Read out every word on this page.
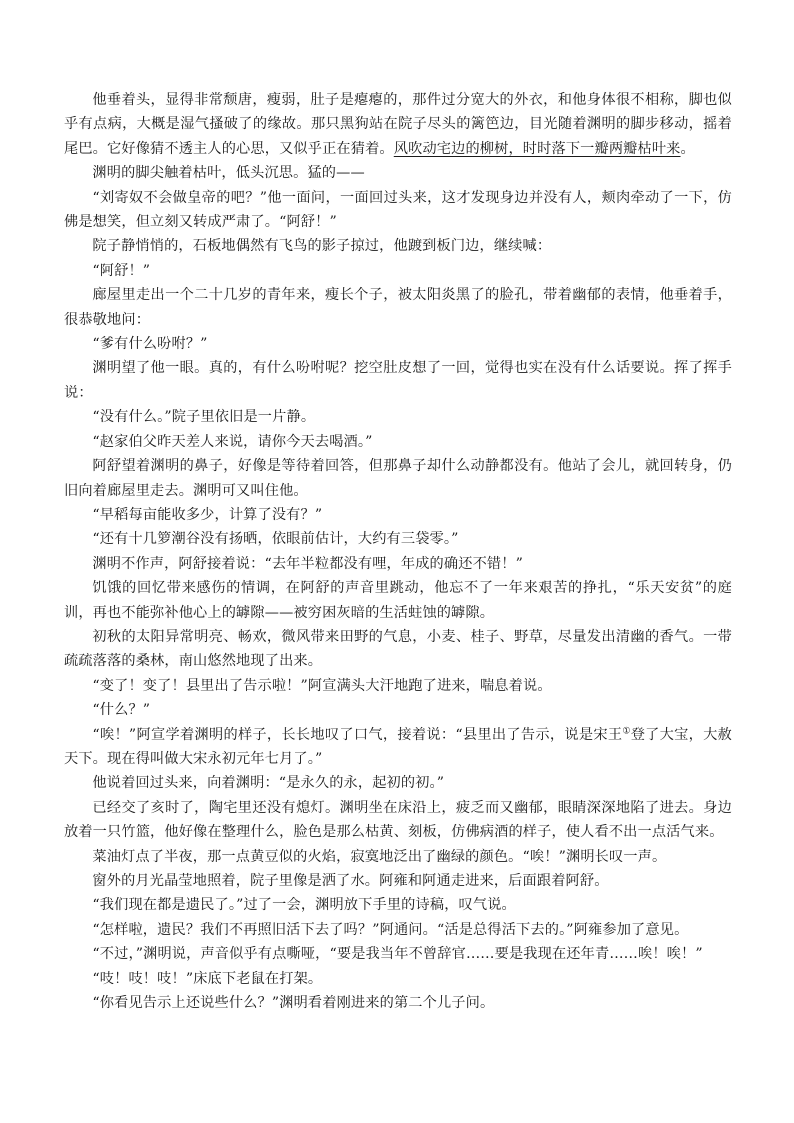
他垂着头，显得非常颓唐，瘦弱，肚子是瘪瘪的，那件过分宽大的外衣，和他身体很不相称，脚也似乎有点病，大概是湿气搔破了的缘故。那只黑狗站在院子尽头的篱笆边，目光随着渊明的脚步移动，摇着尾巴。它好像猜不透主人的心思，又似乎正在猜着。风吹动宅边的柳树，时时落下一瓣两瓣枯叶来。

渊明的脚尖触着枯叶，低头沉思。猛的——

“刘寄奴不会做皇帝的吧？”他一面问，一面回过头来，这才发现身边并没有人，颊肉牵动了一下，仿佛是想笑，但立刻又转成严肃了。“阿舒！”

院子静悄悄的，石板地偶然有飞鸟的影子掠过，他踱到板门边，继续喊：

“阿舒！”

廊屋里走出一个二十几岁的青年来，瘦长个子，被太阳炎黑了的脸孔，带着幽郁的表情，他垂着手，很恭敬地问：

“爹有什么吩咐？”

渊明望了他一眼。真的，有什么吩咐呢？挖空肚皮想了一回，觉得也实在没有什么话要说。挥了挥手说：

“没有什么。”院子里依旧是一片静。

“赵家伯父昨天差人来说，请你今天去喝酒。”

阿舒望着渊明的鼻子，好像是等待着回答，但那鼻子却什么动静都没有。他站了会儿，就回转身，仍旧向着廊屋里走去。渊明可又叫住他。

“早稻每亩能收多少，计算了没有？”

“还有十几箩潮谷没有扬晒，依眼前估计，大约有三袋零。”

渊明不作声，阿舒接着说：“去年半粒都没有哩，年成的确还不错！”

饥饿的回忆带来感伤的情调，在阿舒的声音里跳动，他忘不了一年来艰苦的挣扎，“乐天安贫”的庭训，再也不能弥补他心上的罅隙——被穷困灰暗的生活蛀蚀的罅隙。

初秋的太阳异常明亮、畅欢，微风带来田野的气息，小麦、桂子、野草，尽量发出清幽的香气。一带疏疏落落的桑林，南山悠然地现了出来。

“变了！变了！县里出了告示啦！”阿宣满头大汗地跑了进来，喘息着说。

“什么？”

“唉！”阿宣学着渊明的样子，长长地叹了口气，接着说：“县里出了告示，说是宋王①登了大宝，大赦天下。现在得叫做大宋永初元年七月了。”

他说着回过头来，向着渊明：“是永久的永，起初的初。”

已经交了亥时了，陶宅里还没有熄灯。渊明坐在床沿上，疲乏而又幽郁，眼睛深深地陷了进去。身边放着一只竹篮，他好像在整理什么，脸色是那么枯黄、刻板，仿佛病酒的样子，使人看不出一点活气来。

菜油灯点了半夜，那一点黄豆似的火焰，寂寞地泛出了幽绿的颜色。“唉！”渊明长叹一声。

窗外的月光晶莹地照着，院子里像是洒了水。阿雍和阿通走进来，后面跟着阿舒。

“我们现在都是遗民了。”过了一会，渊明放下手里的诗稿，叹气说。

“怎样啦，遗民？我们不再照旧活下去了吗？”阿通问。“活是总得活下去的。”阿雍参加了意见。

“不过，”渊明说，声音似乎有点嘶哑，“要是我当年不曾辞官……要是我现在还年青……唉！唉！”

“吱！吱！吱！”床底下老鼠在打架。

“你看见告示上还说些什么？”渊明看着刚进来的第二个儿子问。
